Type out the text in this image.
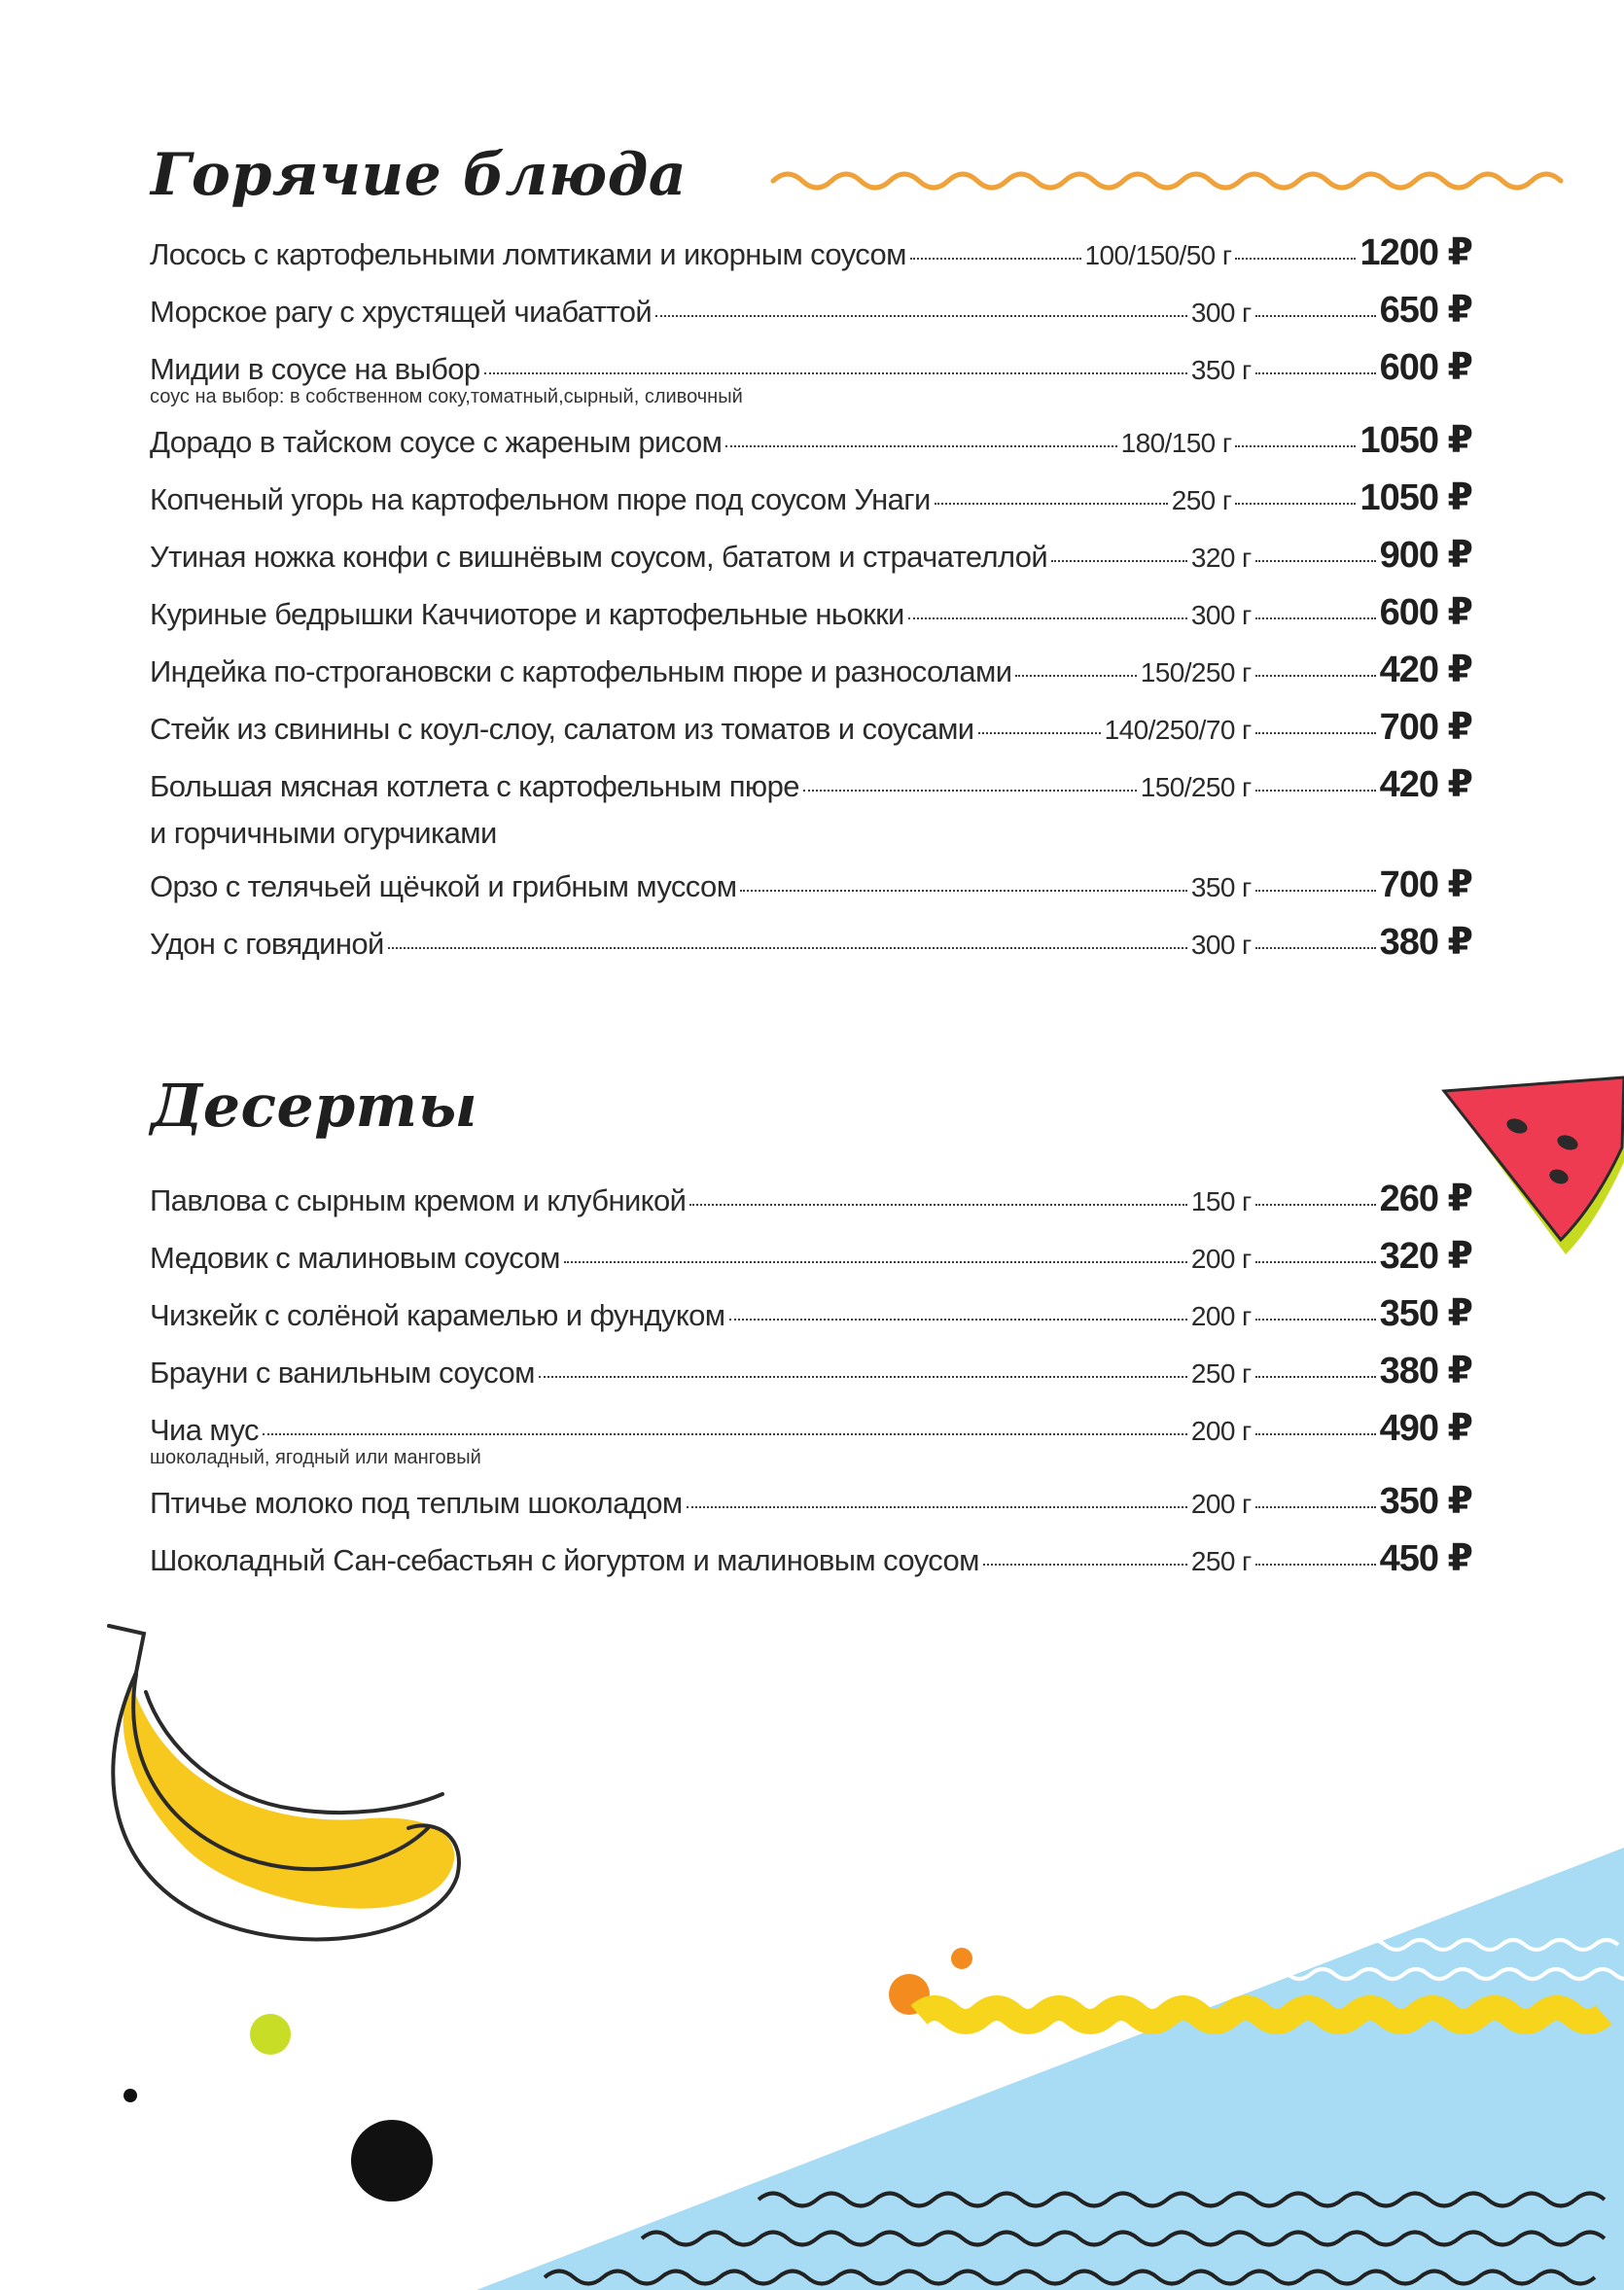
Горячие блюда
Лосось с картофельными ломтиками и икорным соусом	100/150/50 г	1200 ₽
Морское рагу с хрустящей чиабаттой	300 г	650 ₽
Мидии в соусе на выбор	350 г	600 ₽
соус на выбор: в собственном соку,томатный,сырный, сливочный
Дорадо в тайском соусе с жареным рисом	180/150 г	1050 ₽
Копченый угорь на картофельном пюре под соусом Унаги	250 г	1050 ₽
Утиная ножка конфи с вишнёвым соусом, бататом и страчателлой	320 г	900 ₽
Куриные бедрышки Каччиоторе и картофельные ньокки	300 г	600 ₽
Индейка по-строгановски с картофельным пюре и разносолами	150/250 г	420 ₽
Стейк из свинины с коул-слоу, салатом из томатов и соусами	140/250/70 г	700 ₽
Большая мясная котлета с картофельным пюре	150/250 г	420 ₽
и горчичными огурчиками
Орзо с телячьей щёчкой и грибным муссом	350 г	700 ₽
Удон с говядиной	300 г	380 ₽
Десерты
Павлова с сырным кремом и клубникой	150 г	260 ₽
Медовик с малиновым соусом	200 г	320 ₽
Чизкейк с солёной карамелью и фундуком	200 г	350 ₽
Брауни с ванильным соусом	250 г	380 ₽
Чиа мус	200 г	490 ₽
шоколадный, ягодный или манговый
Птичье молоко под теплым шоколадом	200 г	350 ₽
Шоколадный Сан-себастьян с йогуртом и малиновым соусом	250 г	450 ₽
